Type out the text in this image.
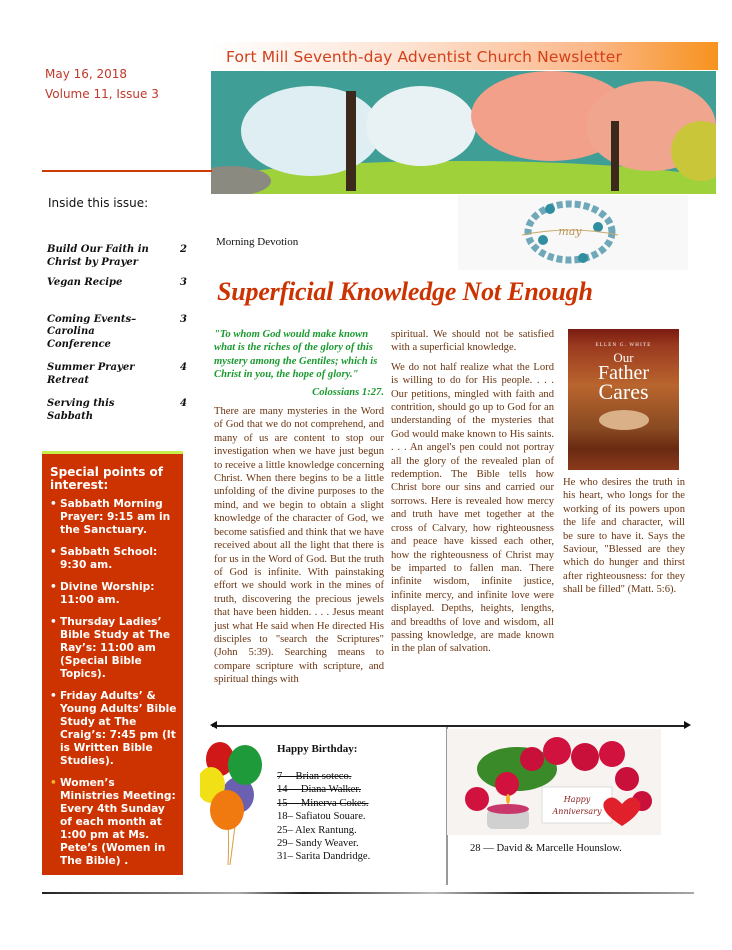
Fort Mill Seventh-day Adventist Church Newsletter
May 16, 2018
Volume 11, Issue 3
Inside this issue:
Build Our Faith in Christ by Prayer
2
Vegan Recipe	3
Coming Events–Carolina Conference
3
Summer Prayer Retreat
4
Serving this Sabbath
4
Special points of interest:
• Sabbath Morning Prayer: 9:15 am in the Sanctuary.
• Sabbath School: 9:30 am.
• Divine Worship: 11:00 am.
• Thursday Ladies’ Bible Study at The Ray’s: 11:00 am (Special Bible Topics).
• Friday Adults’ & Young Adults’ Bible Study at The Craig’s: 7:45 pm (It is Written Bible Studies).
• Women’s Ministries Meeting: Every 4th Sunday of each month at 1:00 pm at Ms. Pete’s (Women in The Bible) .
Morning Devotion
may
Superficial Knowledge Not Enough
"To whom God would make known what is the riches of the glory of this mystery among the Gentiles; which is Christ in you, the hope of glory."
Colossians 1:27.

There are many mysteries in the Word of God that we do not comprehend, and many of us are content to stop our investigation when we have just begun to receive a little knowledge concerning Christ. When there begins to be a little unfolding of the divine purposes to the mind, and we begin to obtain a slight knowledge of the character of God, we become satisfied and think that we have received about all the light that there is for us in the Word of God. But the truth of God is infinite. With painstaking effort we should work in the mines of truth, discovering the precious jewels that have been hidden. . . . Jesus meant just what He said when He directed His disciples to "search the Scriptures" (John 5:39). Searching means to compare scripture with scripture, and spiritual things with

spiritual. We should not be satisfied with a superficial knowledge.

We do not half realize what the Lord is willing to do for His people. . . . Our petitions, mingled with faith and contrition, should go up to God for an understanding of the mysteries that God would make known to His saints. . . . An angel's pen could not portray all the glory of the revealed plan of redemption. The Bible tells how Christ bore our sins and carried our sorrows. Here is revealed how mercy and truth have met together at the cross of Calvary, how righteousness and peace have kissed each other, how the righteousness of Christ may be imparted to fallen man. There infinite wisdom, infinite justice, infinite mercy, and infinite love were displayed. Depths, heights, lengths, and breadths of love and wisdom, all passing knowledge, are made known in the plan of salvation.

ELLEN G. WHITE
Our
Father
Cares

He who desires the truth in his heart, who longs for the working of its powers upon the life and character, will be sure to have it. Says the Saviour, "Blessed are they which do hunger and thirst after righteousness: for they shall be filled" (Matt. 5:6).

Happy Birthday:
7— Brian soteco.
14— Diana Walker.
15— Minerva Cokes.
18– Safiatou Souare.
25– Alex Rantung.
29– Sandy Weaver.
31– Sarita Dandridge.
Happy
Anniversary
28 — David & Marcelle Hounslow.
